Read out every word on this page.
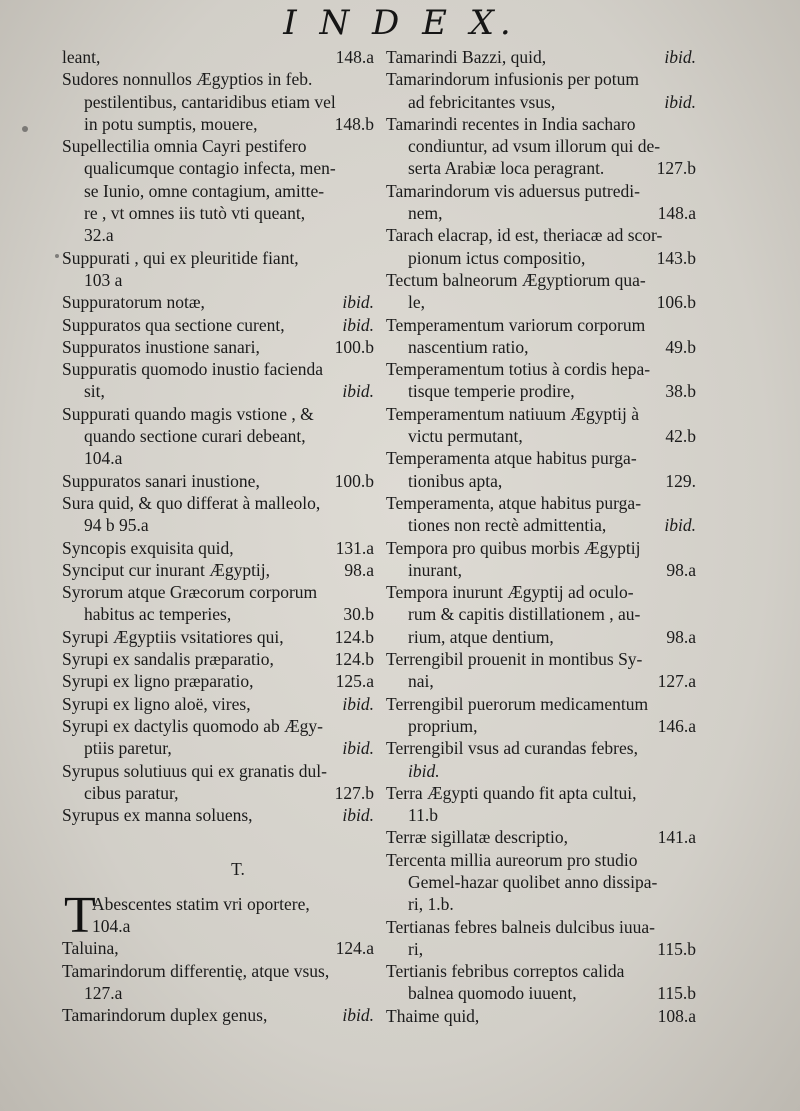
I N D E X.
leant,	148.a
Sudores nonnullos Ægyptios in feb.
pestilentibus, cantaridibus etiam vel
in potu sumptis, mouere,	148.b
Supellectilia omnia Cayri pestifero
qualicumque contagio infecta, men-
se Iunio, omne contagium, amitte-
re , vt omnes iis tutò vti queant,
32.a
Suppurati , qui ex pleuritide fiant,
103 a
Suppuratorum notæ,	ibid.
Suppuratos qua sectione curent,	ibid.
Suppuratos inustione sanari,	100.b
Suppuratis quomodo inustio facienda
sit,	ibid.
Suppurati quando magis vstione , &
quando sectione curari debeant,
104.a
Suppuratos sanari inustione,	100.b
Sura quid, & quo differat à malleolo,
94 b 95.a
Syncopis exquisita quid,	131.a
Synciput cur inurant Ægyptij,	98.a
Syrorum atque Græcorum corporum
habitus ac temperies,	30.b
Syrupi Ægyptiis vsitatiores qui,	124.b
Syrupi ex sandalis præparatio,	124.b
Syrupi ex ligno præparatio,	125.a
Syrupi ex ligno aloë, vires,	ibid.
Syrupi ex dactylis quomodo ab Ægy-
ptiis paretur,	ibid.
Syrupus solutiuus qui ex granatis dul-
cibus paratur,	127.b
Syrupus ex manna soluens,	ibid.
T.
T
Abescentes statim vri oportere,
104.a
Taluina,	124.a
Tamarindorum differentię, atque vsus,
127.a
Tamarindorum duplex genus,	ibid.
Tamarindi Bazzi, quid,	ibid.
Tamarindorum infusionis per potum
ad febricitantes vsus,	ibid.
Tamarindi recentes in India sacharo
condiuntur, ad vsum illorum qui de-
serta Arabiæ loca peragrant.	127.b
Tamarindorum vis aduersus putredi-
nem,	148.a
Tarach elacrap, id est, theriacæ ad scor-
pionum ictus compositio,	143.b
Tectum balneorum Ægyptiorum qua-
le,	106.b
Temperamentum variorum corporum
nascentium ratio,	49.b
Temperamentum totius à cordis hepa-
tisque temperie prodire,	38.b
Temperamentum natiuum Ægyptij à
victu permutant,	42.b
Temperamenta atque habitus purga-
tionibus apta,	129.
Temperamenta, atque habitus purga-
tiones non rectè admittentia,	ibid.
Tempora pro quibus morbis Ægyptij
inurant,	98.a
Tempora inurunt Ægyptij ad oculo-
rum & capitis distillationem , au-
rium, atque dentium,	98.a
Terrengibil prouenit in montibus Sy-
nai,	127.a
Terrengibil puerorum medicamentum
proprium,	146.a
Terrengibil vsus ad curandas febres,
ibid.
Terra Ægypti quando fit apta cultui,
11.b
Terræ sigillatæ descriptio,	141.a
Tercenta millia aureorum pro studio
Gemel-hazar quolibet anno dissipa-
ri, 1.b.
Tertianas febres balneis dulcibus iuua-
ri,	115.b
Tertianis febribus correptos calida
balnea quomodo iuuent,	115.b
Thaime quid,	108.a
